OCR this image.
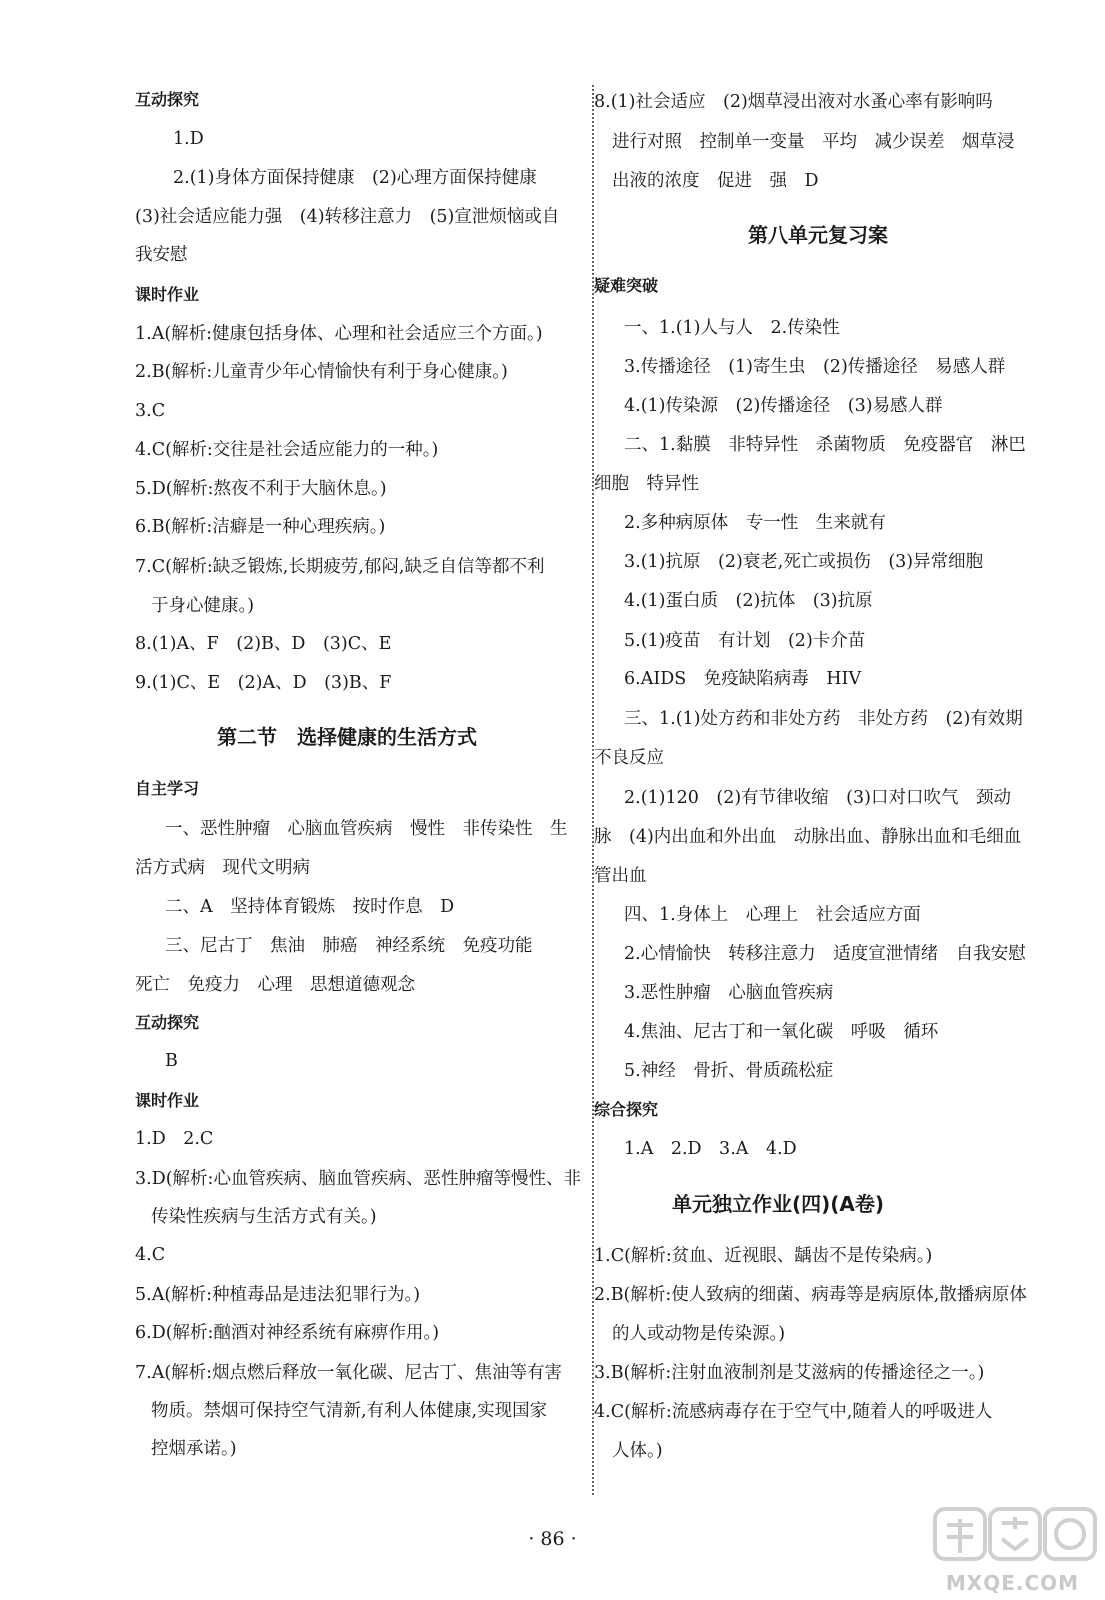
互动探究
1.D
2.(1)身体方面保持健康　(2)心理方面保持健康
(3)社会适应能力强　(4)转移注意力　(5)宣泄烦恼或自
我安慰
课时作业
1.A(解析:健康包括身体、心理和社会适应三个方面。)
2.B(解析:儿童青少年心情愉快有利于身心健康。)
3.C
4.C(解析:交往是社会适应能力的一种。)
5.D(解析:熬夜不利于大脑休息。)
6.B(解析:洁癖是一种心理疾病。)
7.C(解析:缺乏锻炼,长期疲劳,郁闷,缺乏自信等都不利
于身心健康。)
8.(1)A、F　(2)B、D　(3)C、E
9.(1)C、E　(2)A、D　(3)B、F
第二节　选择健康的生活方式
自主学习
一、恶性肿瘤　心脑血管疾病　慢性　非传染性　生
活方式病　现代文明病
二、A　坚持体育锻炼　按时作息　D
三、尼古丁　焦油　肺癌　神经系统　免疫功能
死亡　免疫力　心理　思想道德观念
互动探究
B
课时作业
1.D　2.C
3.D(解析:心血管疾病、脑血管疾病、恶性肿瘤等慢性、非
传染性疾病与生活方式有关。)
4.C
5.A(解析:种植毒品是违法犯罪行为。)
6.D(解析:酗酒对神经系统有麻痹作用。)
7.A(解析:烟点燃后释放一氧化碳、尼古丁、焦油等有害
物质。禁烟可保持空气清新,有利人体健康,实现国家
控烟承诺。)
8.(1)社会适应　(2)烟草浸出液对水蚤心率有影响吗
进行对照　控制单一变量　平均　减少误差　烟草浸
出液的浓度　促进　强　D
第八单元复习案
疑难突破
一、1.(1)人与人　2.传染性
3.传播途径　(1)寄生虫　(2)传播途径　易感人群
4.(1)传染源　(2)传播途径　(3)易感人群
二、1.黏膜　非特异性　杀菌物质　免疫器官　淋巴
细胞　特异性
2.多种病原体　专一性　生来就有
3.(1)抗原　(2)衰老,死亡或损伤　(3)异常细胞
4.(1)蛋白质　(2)抗体　(3)抗原
5.(1)疫苗　有计划　(2)卡介苗
6.AIDS　免疫缺陷病毒　HIV
三、1.(1)处方药和非处方药　非处方药　(2)有效期
不良反应
2.(1)120　(2)有节律收缩　(3)口对口吹气　颈动
脉　(4)内出血和外出血　动脉出血、静脉出血和毛细血
管出血
四、1.身体上　心理上　社会适应方面
2.心情愉快　转移注意力　适度宣泄情绪　自我安慰
3.恶性肿瘤　心脑血管疾病
4.焦油、尼古丁和一氧化碳　呼吸　循环
5.神经　骨折、骨质疏松症
综合探究
1.A　2.D　3.A　4.D
单元独立作业(四)(A卷)
1.C(解析:贫血、近视眼、龋齿不是传染病。)
2.B(解析:使人致病的细菌、病毒等是病原体,散播病原体
的人或动物是传染源。)
3.B(解析:注射血液制剂是艾滋病的传播途径之一。)
4.C(解析:流感病毒存在于空气中,随着人的呼吸进人
人体。)
· 86 ·
MXQE.COM
